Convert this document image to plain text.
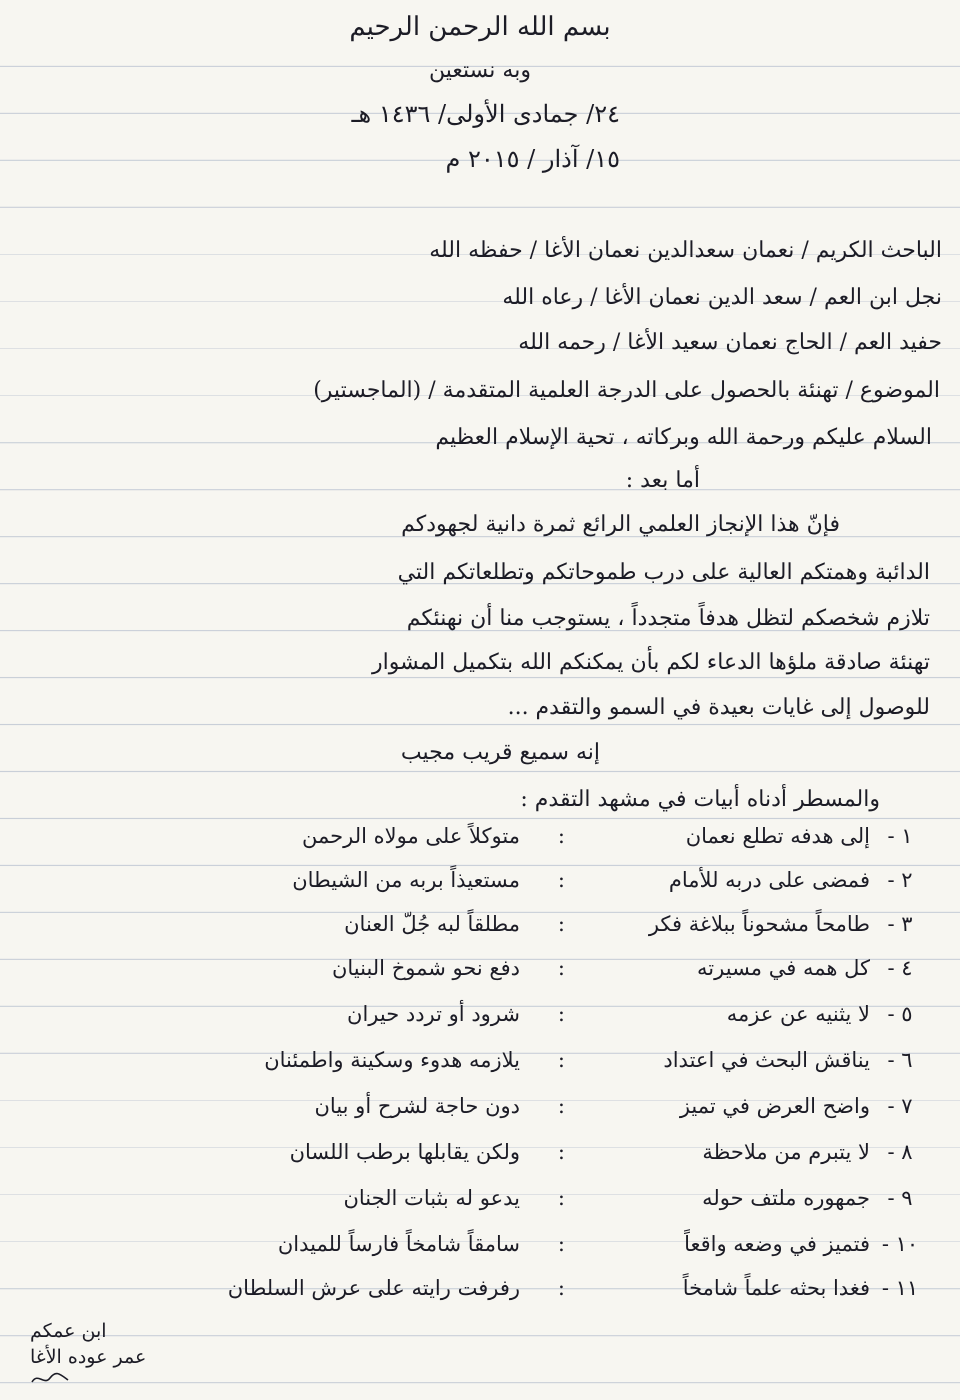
بسم الله الرحمن الرحيم
وبه نستعين
٢٤/ جمادى الأولى/ ١٤٣٦ هـ
١٥/ آذار / ٢٠١٥ م
الباحث الكريم / نعمان سعدالدين نعمان الأغا / حفظه الله
نجل ابن العم / سعد الدين نعمان الأغا / رعاه الله
حفيد العم / الحاج نعمان سعيد الأغا / رحمه الله
الموضوع / تهنئة بالحصول على الدرجة العلمية المتقدمة / (الماجستير)
السلام عليكم ورحمة الله وبركاته ، تحية الإسلام العظيم
أما بعد :
فإنّ هذا الإنجاز العلمي الرائع ثمرة دانية لجهودكم
الدائبة وهمتكم العالية على درب طموحاتكم وتطلعاتكم التي
تلازم شخصكم لتظل هدفاً متجدداً ، يستوجب منا أن نهنئكم
تهنئة صادقة ملؤها الدعاء لكم بأن يمكنكم الله بتكميل المشوار
للوصول إلى غايات بعيدة في السمو والتقدم ...
إنه سميع قريب مجيب
والمسطر أدناه أبيات في مشهد التقدم :
١ -
إلى هدفه تطلع نعمان
:
متوكلاً على مولاه الرحمن
٢ -
فمضى على دربه للأمام
:
مستعيذاً بربه من الشيطان
٣ -
طامحاً مشحوناً ببلاغة فكر
:
مطلقاً لبه جُلّ العنان
٤ -
كل همه في مسيرته
:
دفع نحو شموخ البنيان
٥ -
لا يثنيه عن عزمه
:
شرود أو تردد حيران
٦ -
يناقش البحث في اعتداد
:
يلازمه هدوء وسكينة واطمئنان
٧ -
واضح العرض في تميز
:
دون حاجة لشرح أو بيان
٨ -
لا يتبرم من ملاحظة
:
ولكن يقابلها برطب اللسان
٩ -
جمهوره ملتف حوله
:
يدعو له بثبات الجنان
١٠ -
فتميز في وضعه واقعاً
:
سامقاً شامخاً فارساً للميدان
١١ -
فغدا بحثه علماً شامخاً
:
رفرفت رايته على عرش السلطان
ابن عمكم
عمر عوده الأغا
